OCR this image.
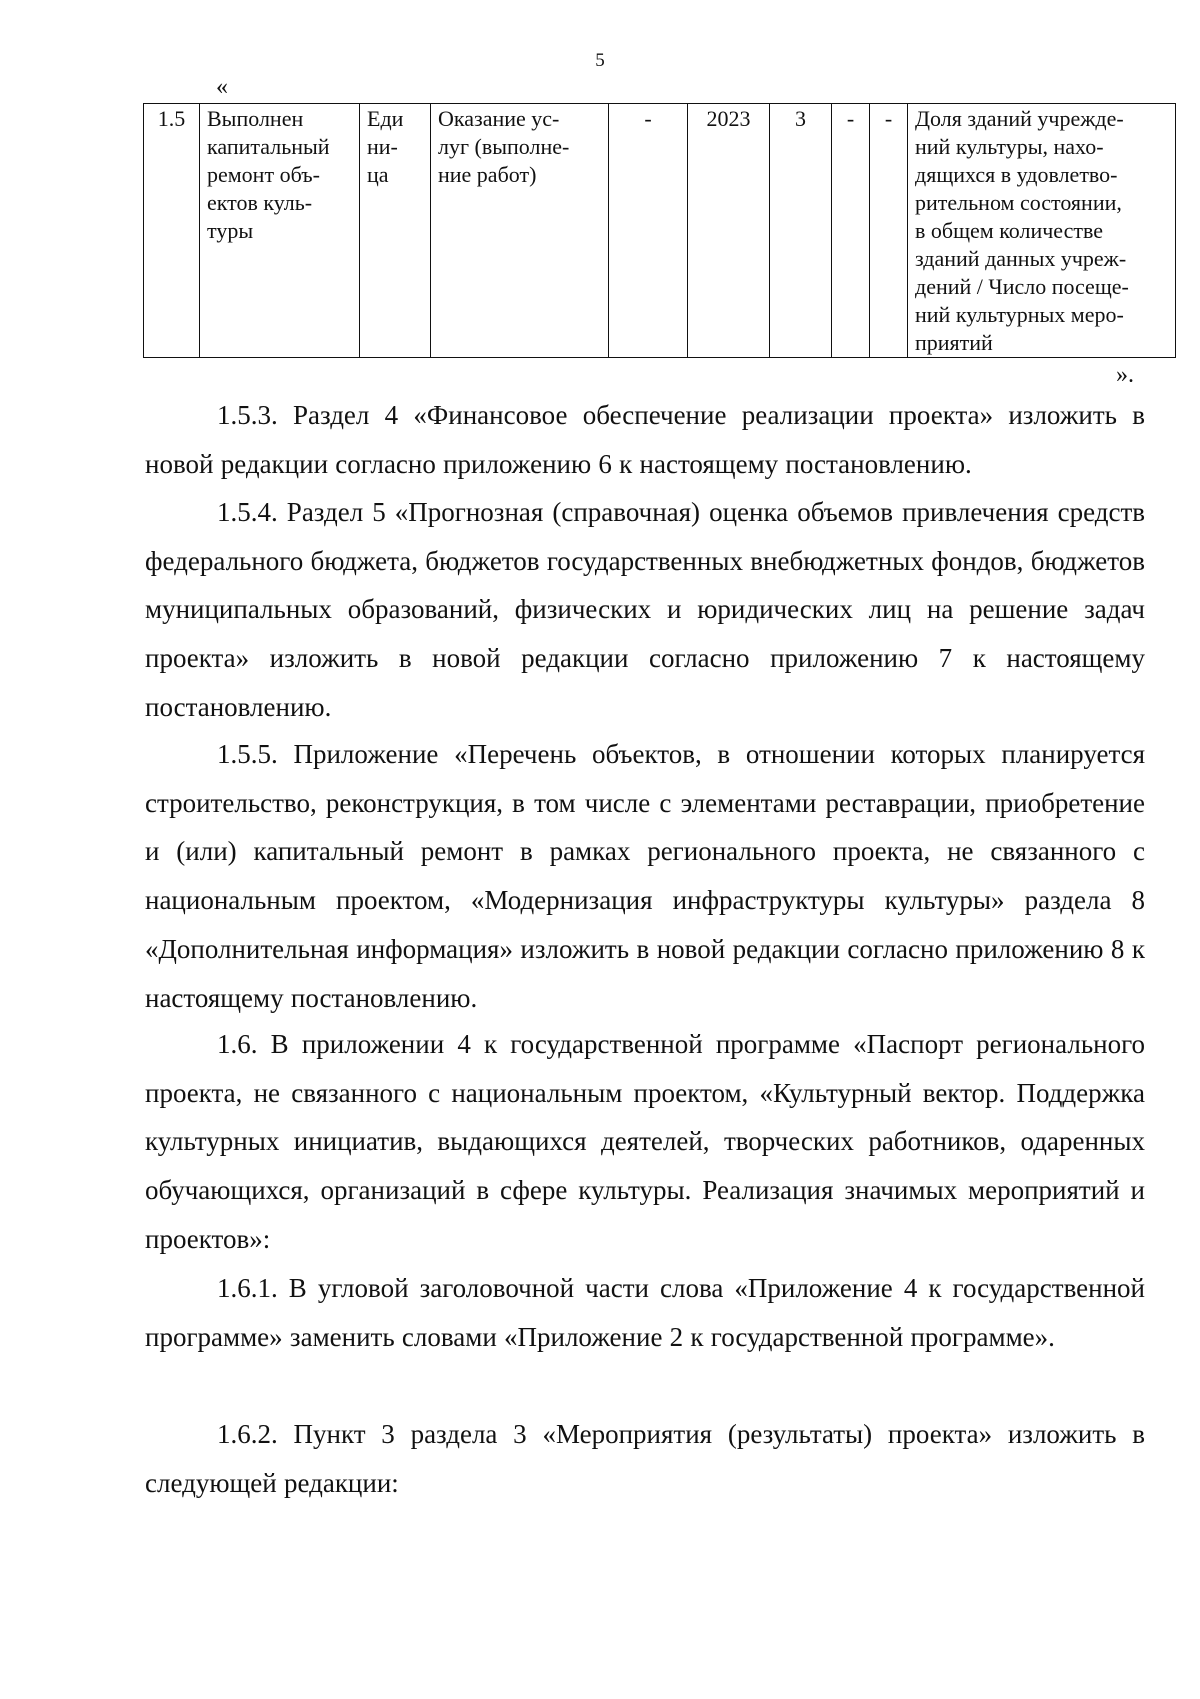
5
«
1.5	Выполнен
капитальный
ремонт объ-
ектов куль-
туры	Еди
ни-
ца	Оказание ус-
луг (выполне-
ние работ)	-	2023	3	-	-	Доля зданий учрежде-
ний культуры, нахо-
дящихся в удовлетво-
рительном состоянии,
в общем количестве
зданий данных учреж-
дений / Число посеще-
ний культурных меро-
приятий
».

1.5.3. Раздел 4 «Финансовое обеспечение реализации проекта» изложить в новой редакции согласно приложению 6 к настоящему постановлению.

1.5.4. Раздел 5 «Прогнозная (справочная) оценка объемов привлечения средств федерального бюджета, бюджетов государственных внебюджетных фондов, бюджетов муниципальных образований, физических и юридических лиц на решение задач проекта» изложить в новой редакции согласно приложению 7 к настоящему постановлению.

1.5.5. Приложение «Перечень объектов, в отношении которых планируется строительство, реконструкция, в том числе с элементами реставрации, приобретение и (или) капитальный ремонт в рамках регионального проекта, не связанного с национальным проектом, «Модернизация инфраструктуры культуры» раздела 8 «Дополнительная информация» изложить в новой редакции согласно приложению 8 к настоящему постановлению.

1.6. В приложении 4 к государственной программе «Паспорт регионального проекта, не связанного с национальным проектом, «Культурный вектор. Поддержка культурных инициатив, выдающихся деятелей, творческих работников, одаренных обучающихся, организаций в сфере культуры. Реализация значимых мероприятий и проектов»:

1.6.1. В угловой заголовочной части слова «Приложение 4 к государственной программе» заменить словами «Приложение 2 к государственной программе».

1.6.2. Пункт 3 раздела 3 «Мероприятия (результаты) проекта» изложить в следующей редакции:
